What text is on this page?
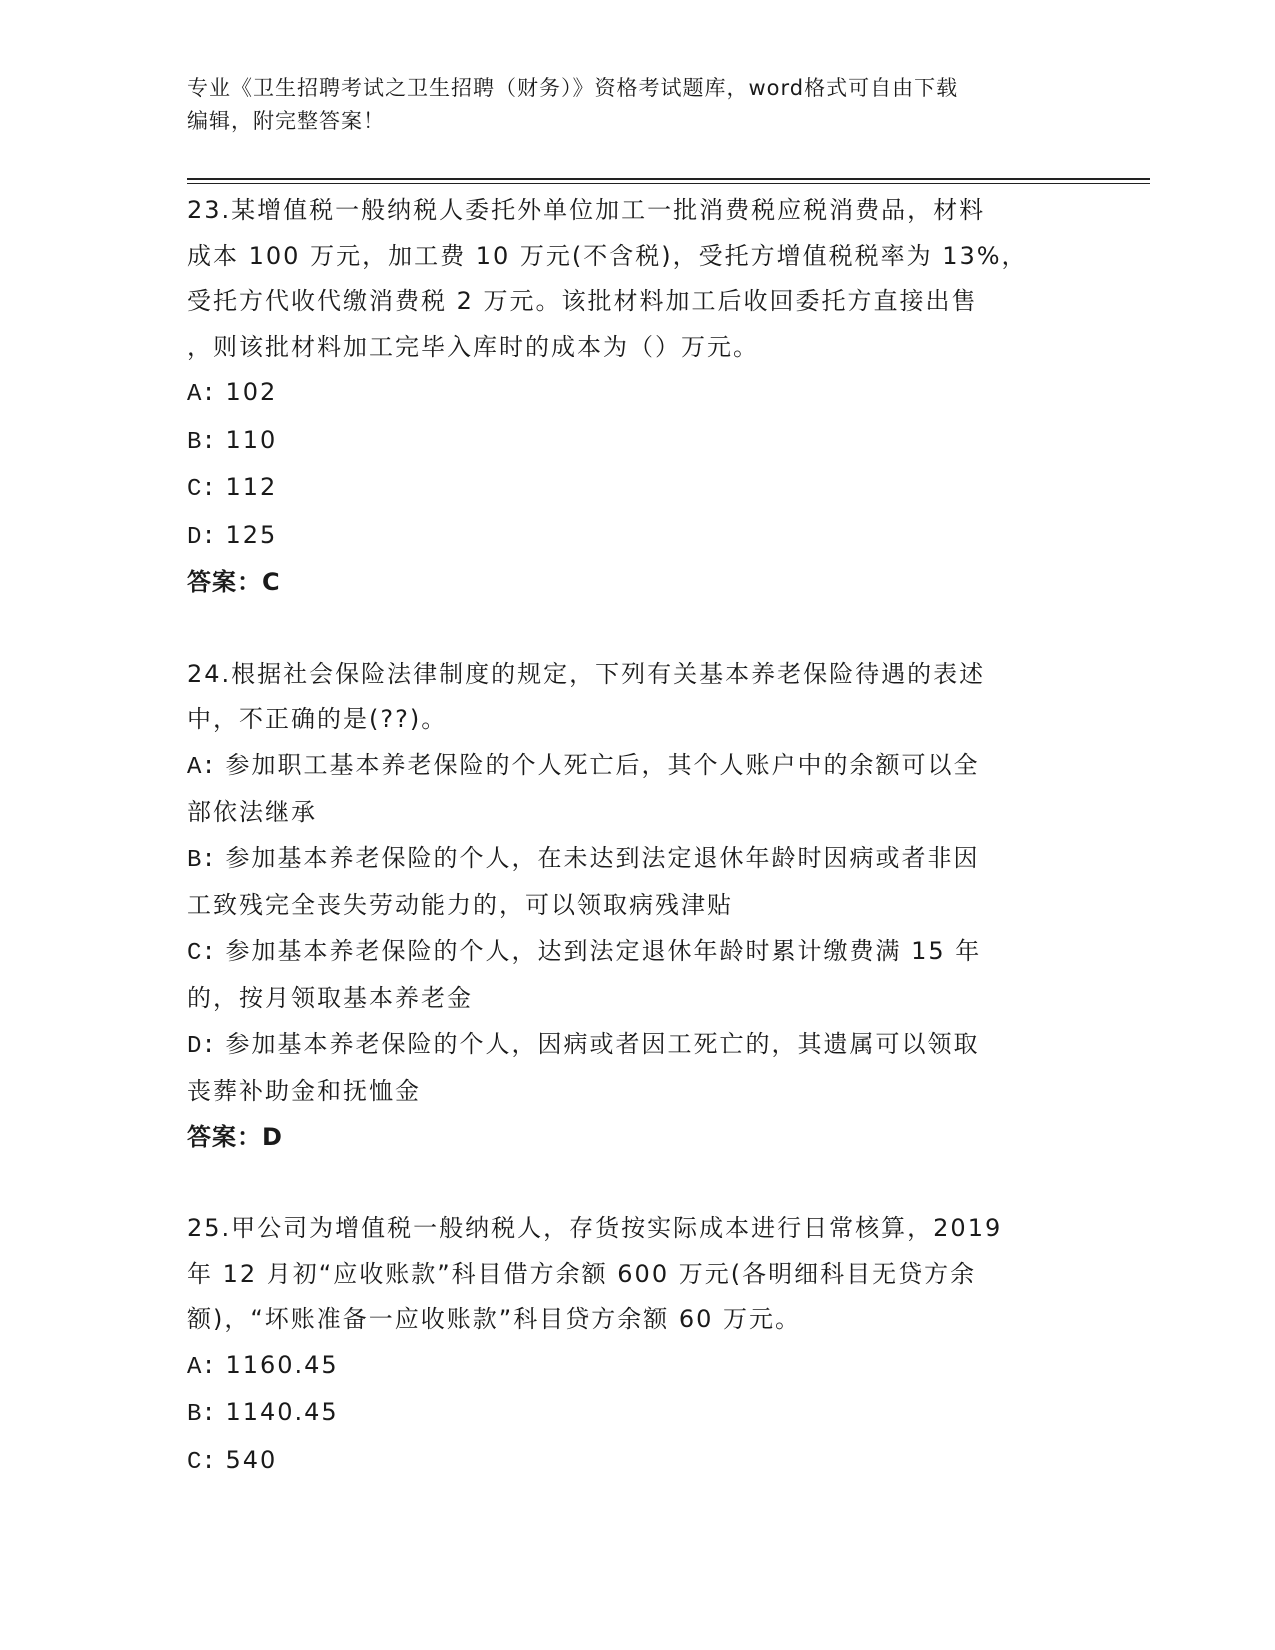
专业《卫生招聘考试之卫生招聘（财务）》资格考试题库，word格式可自由下载
编辑，附完整答案！

23.某增值税一般纳税人委托外单位加工一批消费税应税消费品，材料

成本 100 万元，加工费 10 万元(不含税)，受托方增值税税率为 13%，

受托方代收代缴消费税 2 万元。该批材料加工后收回委托方直接出售

，则该批材料加工完毕入库时的成本为（）万元。

A: 102

B: 110

C: 112

D: 125

答案：C

24.根据社会保险法律制度的规定，下列有关基本养老保险待遇的表述

中，不正确的是(??)。

A: 参加职工基本养老保险的个人死亡后，其个人账户中的余额可以全

部依法继承

B: 参加基本养老保险的个人，在未达到法定退休年龄时因病或者非因

工致残完全丧失劳动能力的，可以领取病残津贴

C: 参加基本养老保险的个人，达到法定退休年龄时累计缴费满 15 年

的，按月领取基本养老金

D: 参加基本养老保险的个人，因病或者因工死亡的，其遗属可以领取

丧葬补助金和抚恤金

答案：D

25.甲公司为增值税一般纳税人，存货按实际成本进行日常核算，2019

年 12 月初“应收账款”科目借方余额 600 万元(各明细科目无贷方余

额)，“坏账准备一应收账款”科目贷方余额 60 万元。

A: 1160.45

B: 1140.45

C: 540
